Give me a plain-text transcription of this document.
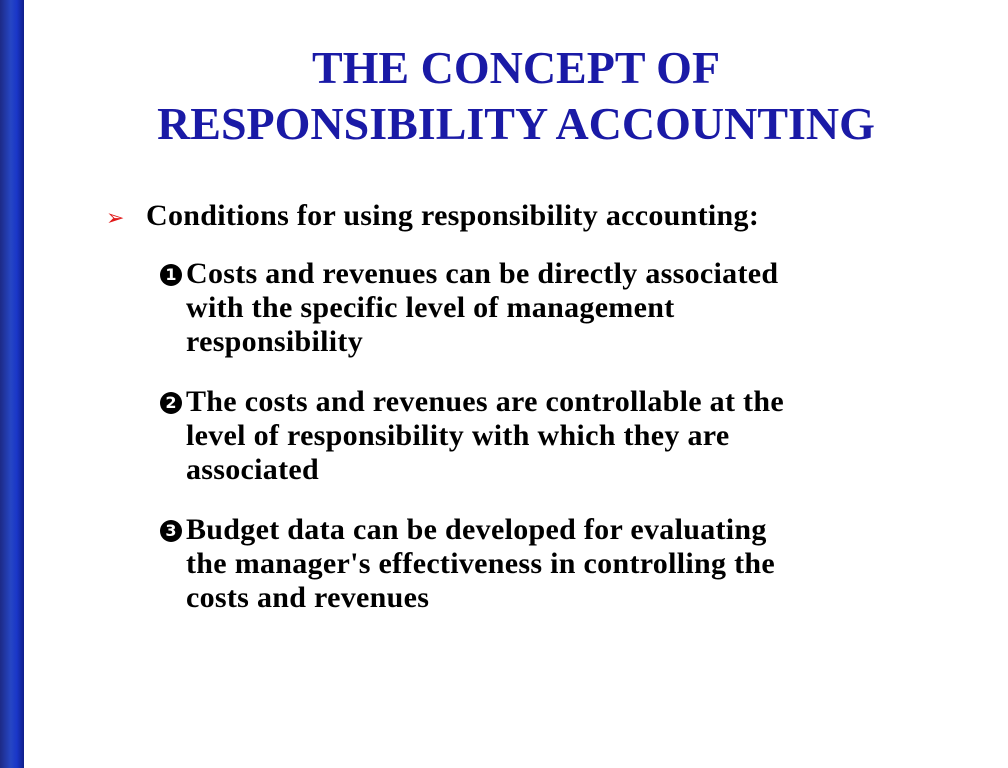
THE CONCEPT OF
RESPONSIBILITY ACCOUNTING
➢ Conditions for using responsibility accounting:
1 Costs and revenues can be directly associated
with the specific level of management
responsibility
2 The costs and revenues are controllable at the
level of responsibility with which they are
associated
3 Budget data can be developed for evaluating
the manager's effectiveness in controlling the
costs and revenues
